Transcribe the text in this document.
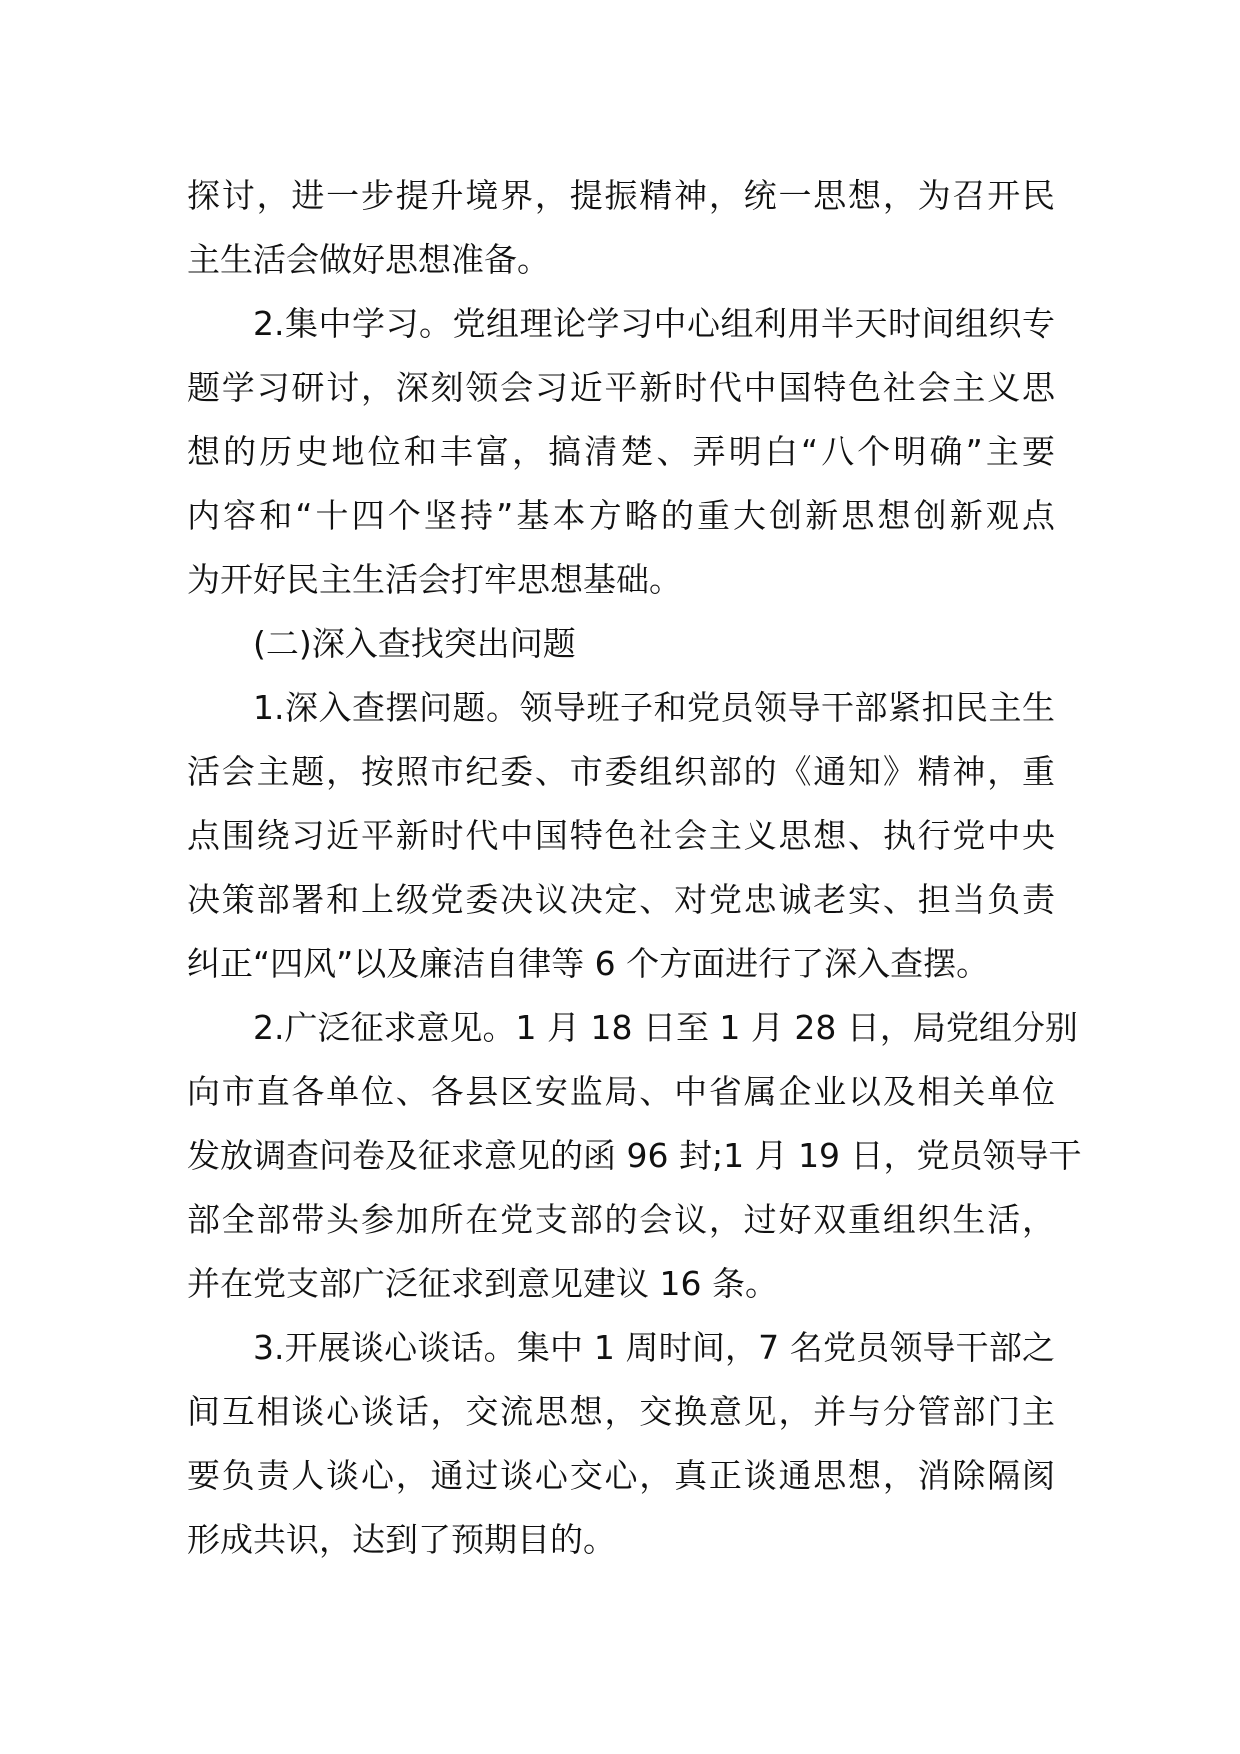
探讨，进一步提升境界，提振精神，统一思想，为召开民
主生活会做好思想准备。
2.集中学习。党组理论学习中心组利用半天时间组织专
题学习研讨，深刻领会习近平新时代中国特色社会主义思
想的历史地位和丰富，搞清楚、弄明白“八个明确”主要
内容和“十四个坚持”基本方略的重大创新思想创新观点
为开好民主生活会打牢思想基础。
(二)深入查找突出问题
1.深入查摆问题。领导班子和党员领导干部紧扣民主生
活会主题，按照市纪委、市委组织部的《通知》精神，重
点围绕习近平新时代中国特色社会主义思想、执行党中央
决策部署和上级党委决议决定、对党忠诚老实、担当负责
纠正“四风”以及廉洁自律等 6 个方面进行了深入查摆。
2.广泛征求意见。1 月 18 日至 1 月 28 日，局党组分别
向市直各单位、各县区安监局、中省属企业以及相关单位
发放调查问卷及征求意见的函 96 封;1 月 19 日，党员领导干
部全部带头参加所在党支部的会议，过好双重组织生活，
并在党支部广泛征求到意见建议 16 条。
3.开展谈心谈话。集中 1 周时间，7 名党员领导干部之
间互相谈心谈话，交流思想，交换意见，并与分管部门主
要负责人谈心，通过谈心交心，真正谈通思想，消除隔阂
形成共识，达到了预期目的。
